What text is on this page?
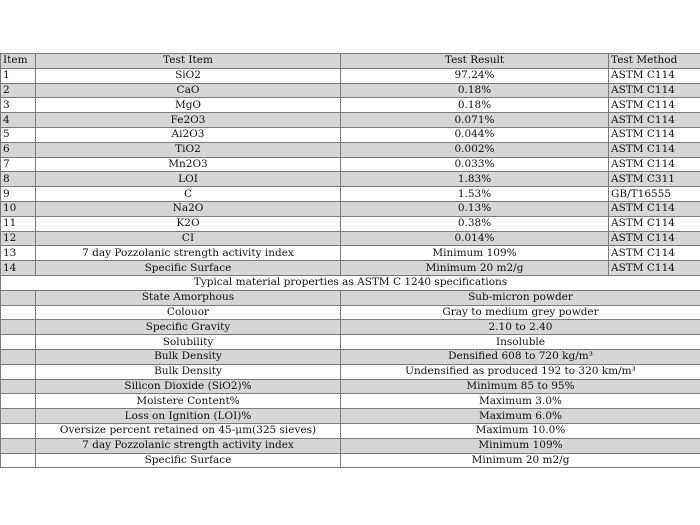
Item	Test Item	Test Result	Test Method
1	SiO2	97.24%	ASTM C114
2	CaO	0.18%	ASTM C114
3	MgO	0.18%	ASTM C114
4	Fe2O3	0.071%	ASTM C114
5	Ai2O3	0.044%	ASTM C114
6	TiO2	0.002%	ASTM C114
7	Mn2O3	0.033%	ASTM C114
8	LOI	1.83%	ASTM C311
9	C	1.53%	GB/T16555
10	Na2O	0.13%	ASTM C114
11	K2O	0.38%	ASTM C114
12	CI	0.014%	ASTM C114
13	7 day Pozzolanic strength activity index	Minimum 109%	ASTM C114
14	Specific Surface	Minimum 20 m2/g	ASTM C114
Typical material properties as ASTM C 1240 specifications			
	State Amorphous	Sub-micron powder	
	Colouor	Gray to medium grey powder	
	Specific Gravity	2.10 to 2.40	
	Solubility	Insoluble	
	Bulk Density	Densified 608 to 720 kg/m³	
	Bulk Density	Undensified as produced 192 to 320 km/m³	
	Silicon Dioxide (SiO2)%	Minimum 85 to 95%	
	Moistere Content%	Maximum 3.0%	
	Loss on Ignition (LOI)%	Maximum 6.0%	
	Oversize percent retained on 45-μm(325 sieves)	Maximum 10.0%	
	7 day Pozzolanic strength activity index	Minimum 109%	
	Specific Surface	Minimum 20 m2/g	
